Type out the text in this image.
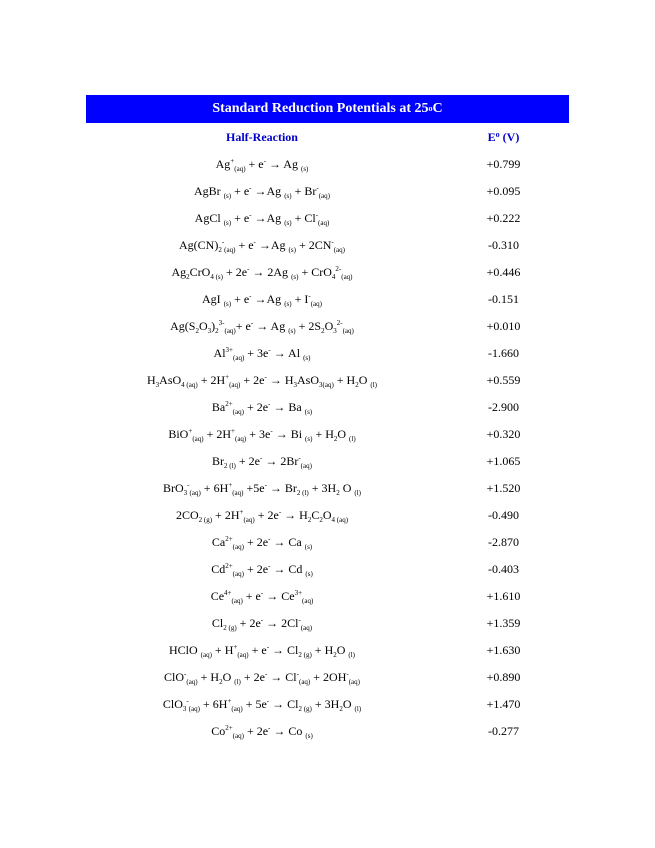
Standard Reduction Potentials at 25 o C
Half-Reaction	$E^o$ (V)
$Ag^+_{(aq)} + e^- \to Ag$ $_{(s)}$	+0.799
AgBr $_{(s)}$ + e- →Ag $_{(s)} + Br^-_{(aq)}$	+0.095
AgCl $_{(s)}$ + e- →Ag $_{(s)} + Cl^-_{(aq)}$	+0.222
$Ag(CN)_2^-_{(aq)} + e^- \to Ag$ $_{(s)} + 2CN^-_{(aq)}$	-0.310
$Ag_2CrO_{4 (s)} + 2e^- \to 2Ag$ $_{(s)}$ + CrO$_4^{2-}_{(aq)}$	+0.446
AgI $_{(s)}$ + e- →Ag $_{(s)} + I^-_{(aq)}$	-0.151
$Ag(S_2O_3)_2^{3-}_{(aq)}+ e^- \to Ag$ $_{(s)} + 2S_2O_3^{2-}_{(aq)}$	+0.010
$Al^{3+}_{(aq)} + 3e^- \to Al$ $_{(s)}$	-1.660
$H_3AsO_{4 (aq)} + 2H^+_{(aq)} + 2e^- \to H_3AsO_{3(aq)} + H_2O$ $_{(l)}$	+0.559
$Ba^{2+}_{(aq)} + 2e^- \to Ba$ $_{(s)}$	-2.900
$BiO^+_{(aq)} + 2H^+_{(aq)} + 3e^- \to Bi$ $_{(s)} + H_2O$ $_{(l)}$	+0.320
$Br_{2 (l)} + 2e^- \to 2Br^-_{(aq)}$	+1.065
$BrO_3^-_{(aq)} + 6H^+_{(aq)} +5e^- \to Br_{2 (l)} + 3H_2$ O $_{(l)}$	+1.520
$2CO_{2 (g)} + 2H^+_{(aq)} + 2e^- \to H_2C_2O_{4 (aq)}$	-0.490
$Ca^{2+}_{(aq)} + 2e^- \to Ca$ $_{(s)}$	-2.870
$Cd^{2+}_{(aq)} + 2e^- \to Cd$ $_{(s)}$	-0.403
$Ce^{4+}_{(aq)} + e^- \to Ce^{3+}_{(aq)}$	+1.610
$Cl_{2 (g)} + 2e^- \to 2Cl^-_{(aq)}$	+1.359
HClO $_{(aq)} + H^+_{(aq)} + e^- \to Cl_{2 (g)} + H_2O$ $_{(l)}$	+1.630
$ClO^-_{(aq)} + H_2O$ $_{(l)} + 2e^- \to Cl^-_{(aq)} + 2OH^-_{(aq)}$	+0.890
$ClO_3^-_{(aq)} + 6H^+_{(aq)} + 5e^- \to Cl_{2 (g)} + 3H_2O$ $_{(l)}$	+1.470
$Co^{2+}_{(aq)} + 2e^- \to Co$ $_{(s)}$	-0.277
